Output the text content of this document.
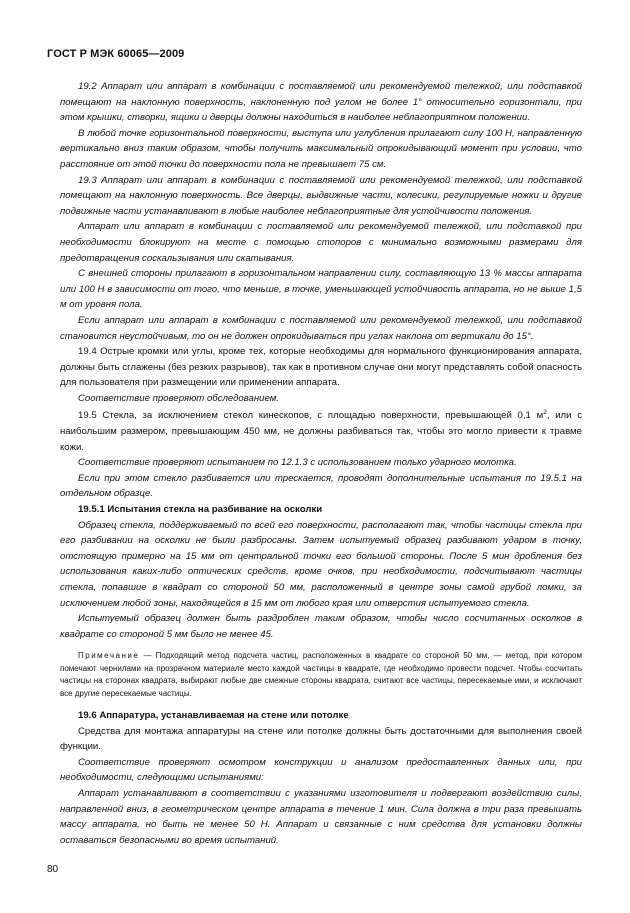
ГОСТ Р МЭК 60065—2009

19.2 Аппарат или аппарат в комбинации с поставляемой или рекомендуемой тележкой, или подставкой помещают на наклонную поверхность, наклоненную под углом не более 1° относительно горизонтали, при этом крышки, створки, ящики и дверцы должны находиться в наиболее неблагоприятном положении.

В любой точке горизонтальной поверхности, выступа или углубления прилагают силу 100 Н, направленную вертикально вниз таким образом, чтобы получить максимальный опрокидывающий момент при условии, что расстояние от этой точки до поверхности пола не превышает 75 см.

19.3 Аппарат или аппарат в комбинации с поставляемой или рекомендуемой тележкой, или подставкой помещают на наклонную поверхность. Все дверцы, выдвижные части, колесики, регулируемые ножки и другие подвижные части устанавливают в любые наиболее неблагоприятные для устойчивости положения.

Аппарат или аппарат в комбинации с поставляемой или рекомендуемой тележкой, или подставкой при необходимости блокируют на месте с помощью стопоров с минимально возможными размерами для предотвращения соскальзывания или скатывания.

С внешней стороны прилагают в горизонтальном направлении силу, составляющую 13 % массы аппарата или 100 Н в зависимости от того, что меньше, в точке, уменьшающей устойчивость аппарата, но не выше 1,5 м от уровня пола.

Если аппарат или аппарат в комбинации с поставляемой или рекомендуемой тележкой, или подставкой становится неустойчивым, то он не должен опрокидываться при углах наклона от вертикали до 15°.

19.4 Острые кромки или углы, кроме тех, которые необходимы для нормального функционирования аппарата, должны быть сглажены (без резких разрывов), так как в противном случае они могут представлять собой опасность для пользователя при размещении или применении аппарата.

Соответствие проверяют обследованием.

19.5 Стекла, за исключением стекол кинескопов, с площадью поверхности, превышающей 0,1 $м^2$, или с наибольшим размером, превышающим 450 мм, не должны разбиваться так, чтобы это могло привести к травме кожи.

Соответствие проверяют испытанием по 12.1.3 с использованием только ударного молотка.

Если при этом стекло разбивается или трескается, проводят дополнительные испытания по 19.5.1 на отдельном образце.

19.5.1 Испытания стекла на разбивание на осколки

Образец стекла, поддерживаемый по всей его поверхности, располагают так, чтобы частицы стекла при его разбивании на осколки не были разбросаны. Затем испытуемый образец разбивают ударом в точку, отстоящую примерно на 15 мм от центральной точки его большой стороны. После 5 мин дробления без использования каких-либо оптических средств, кроме очков, при необходимости, подсчитывают частицы стекла, попавшие в квадрат со стороной 50 мм, расположенный в центре зоны самой грубой ломки, за исключением любой зоны, находящейся в 15 мм от любого края или отверстия испытуемого стекла.

Испытуемый образец должен быть раздроблен таким образом, чтобы число сосчитанных осколков в квадрате со стороной 5 мм было не менее 45.

Примечание — Подходящий метод подсчета частиц, расположенных в квадрате со стороной 50 мм, — метод, при котором помечают чернилами на прозрачном материале место каждой частицы в квадрате, где необходимо провести подсчет. Чтобы сосчитать частицы на сторонах квадрата, выбирают любые две смежные стороны квадрата, считают все частицы, пересекаемые ими, и исключают все другие пересекаемые частицы.

19.6 Аппаратура, устанавливаемая на стене или потолке

Средства для монтажа аппаратуры на стене или потолке должны быть достаточными для выполнения своей функции.

Соответствие проверяют осмотром конструкции и анализом предоставленных данных или, при необходимости, следующими испытаниями:

Аппарат устанавливают в соответствии с указаниями изготовителя и подвергают воздействию силы, направленной вниз, в геометрическом центре аппарата в течение 1 мин. Сила должна в три раза превышать массу аппарата, но быть не менее 50 Н. Аппарат и связанные с ним средства для установки должны оставаться безопасными во время испытаний.

80
